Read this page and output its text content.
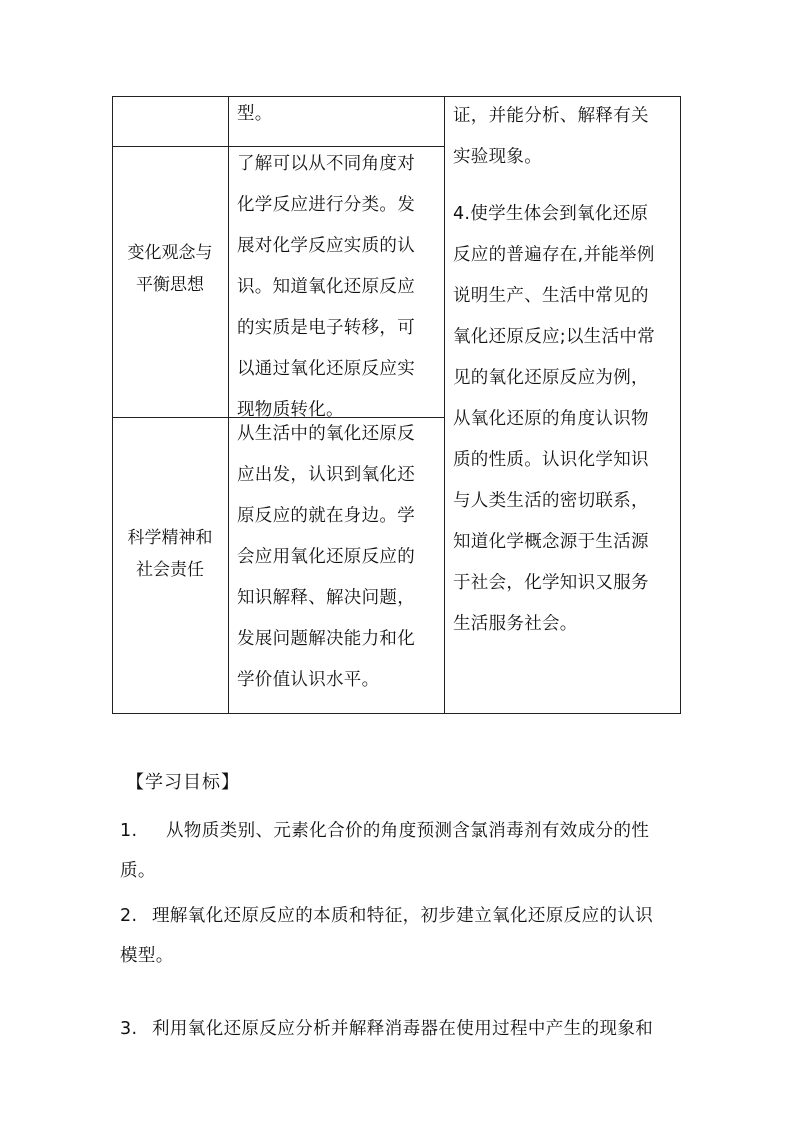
型。
变化观念与
平衡思想
了解可以从不同角度对
化学反应进行分类。发
展对化学反应实质的认
识。知道氧化还原反应
的实质是电子转移，可
以通过氧化还原反应实
现物质转化。
科学精神和
社会责任
从生活中的氧化还原反
应出发，认识到氧化还
原反应的就在身边。学
会应用氧化还原反应的
知识解释、解决问题，
发展问题解决能力和化
学价值认识水平。
证，并能分析、解释有关
实验现象。
4.使学生体会到氧化还原
反应的普遍存在,并能举例
说明生产、生活中常见的
氧化还原反应;以生活中常
见的氧化还原反应为例，
从氧化还原的角度认识物
质的性质。认识化学知识
与人类生活的密切联系，
知道化学概念源于生活源
于社会，化学知识又服务
生活服务社会。
【学习目标】
1. 从物质类别、元素化合价的角度预测含氯消毒剂有效成分的性
质。
2. 理解氧化还原反应的本质和特征，初步建立氧化还原反应的认识
模型。
3. 利用氧化还原反应分析并解释消毒器在使用过程中产生的现象和
